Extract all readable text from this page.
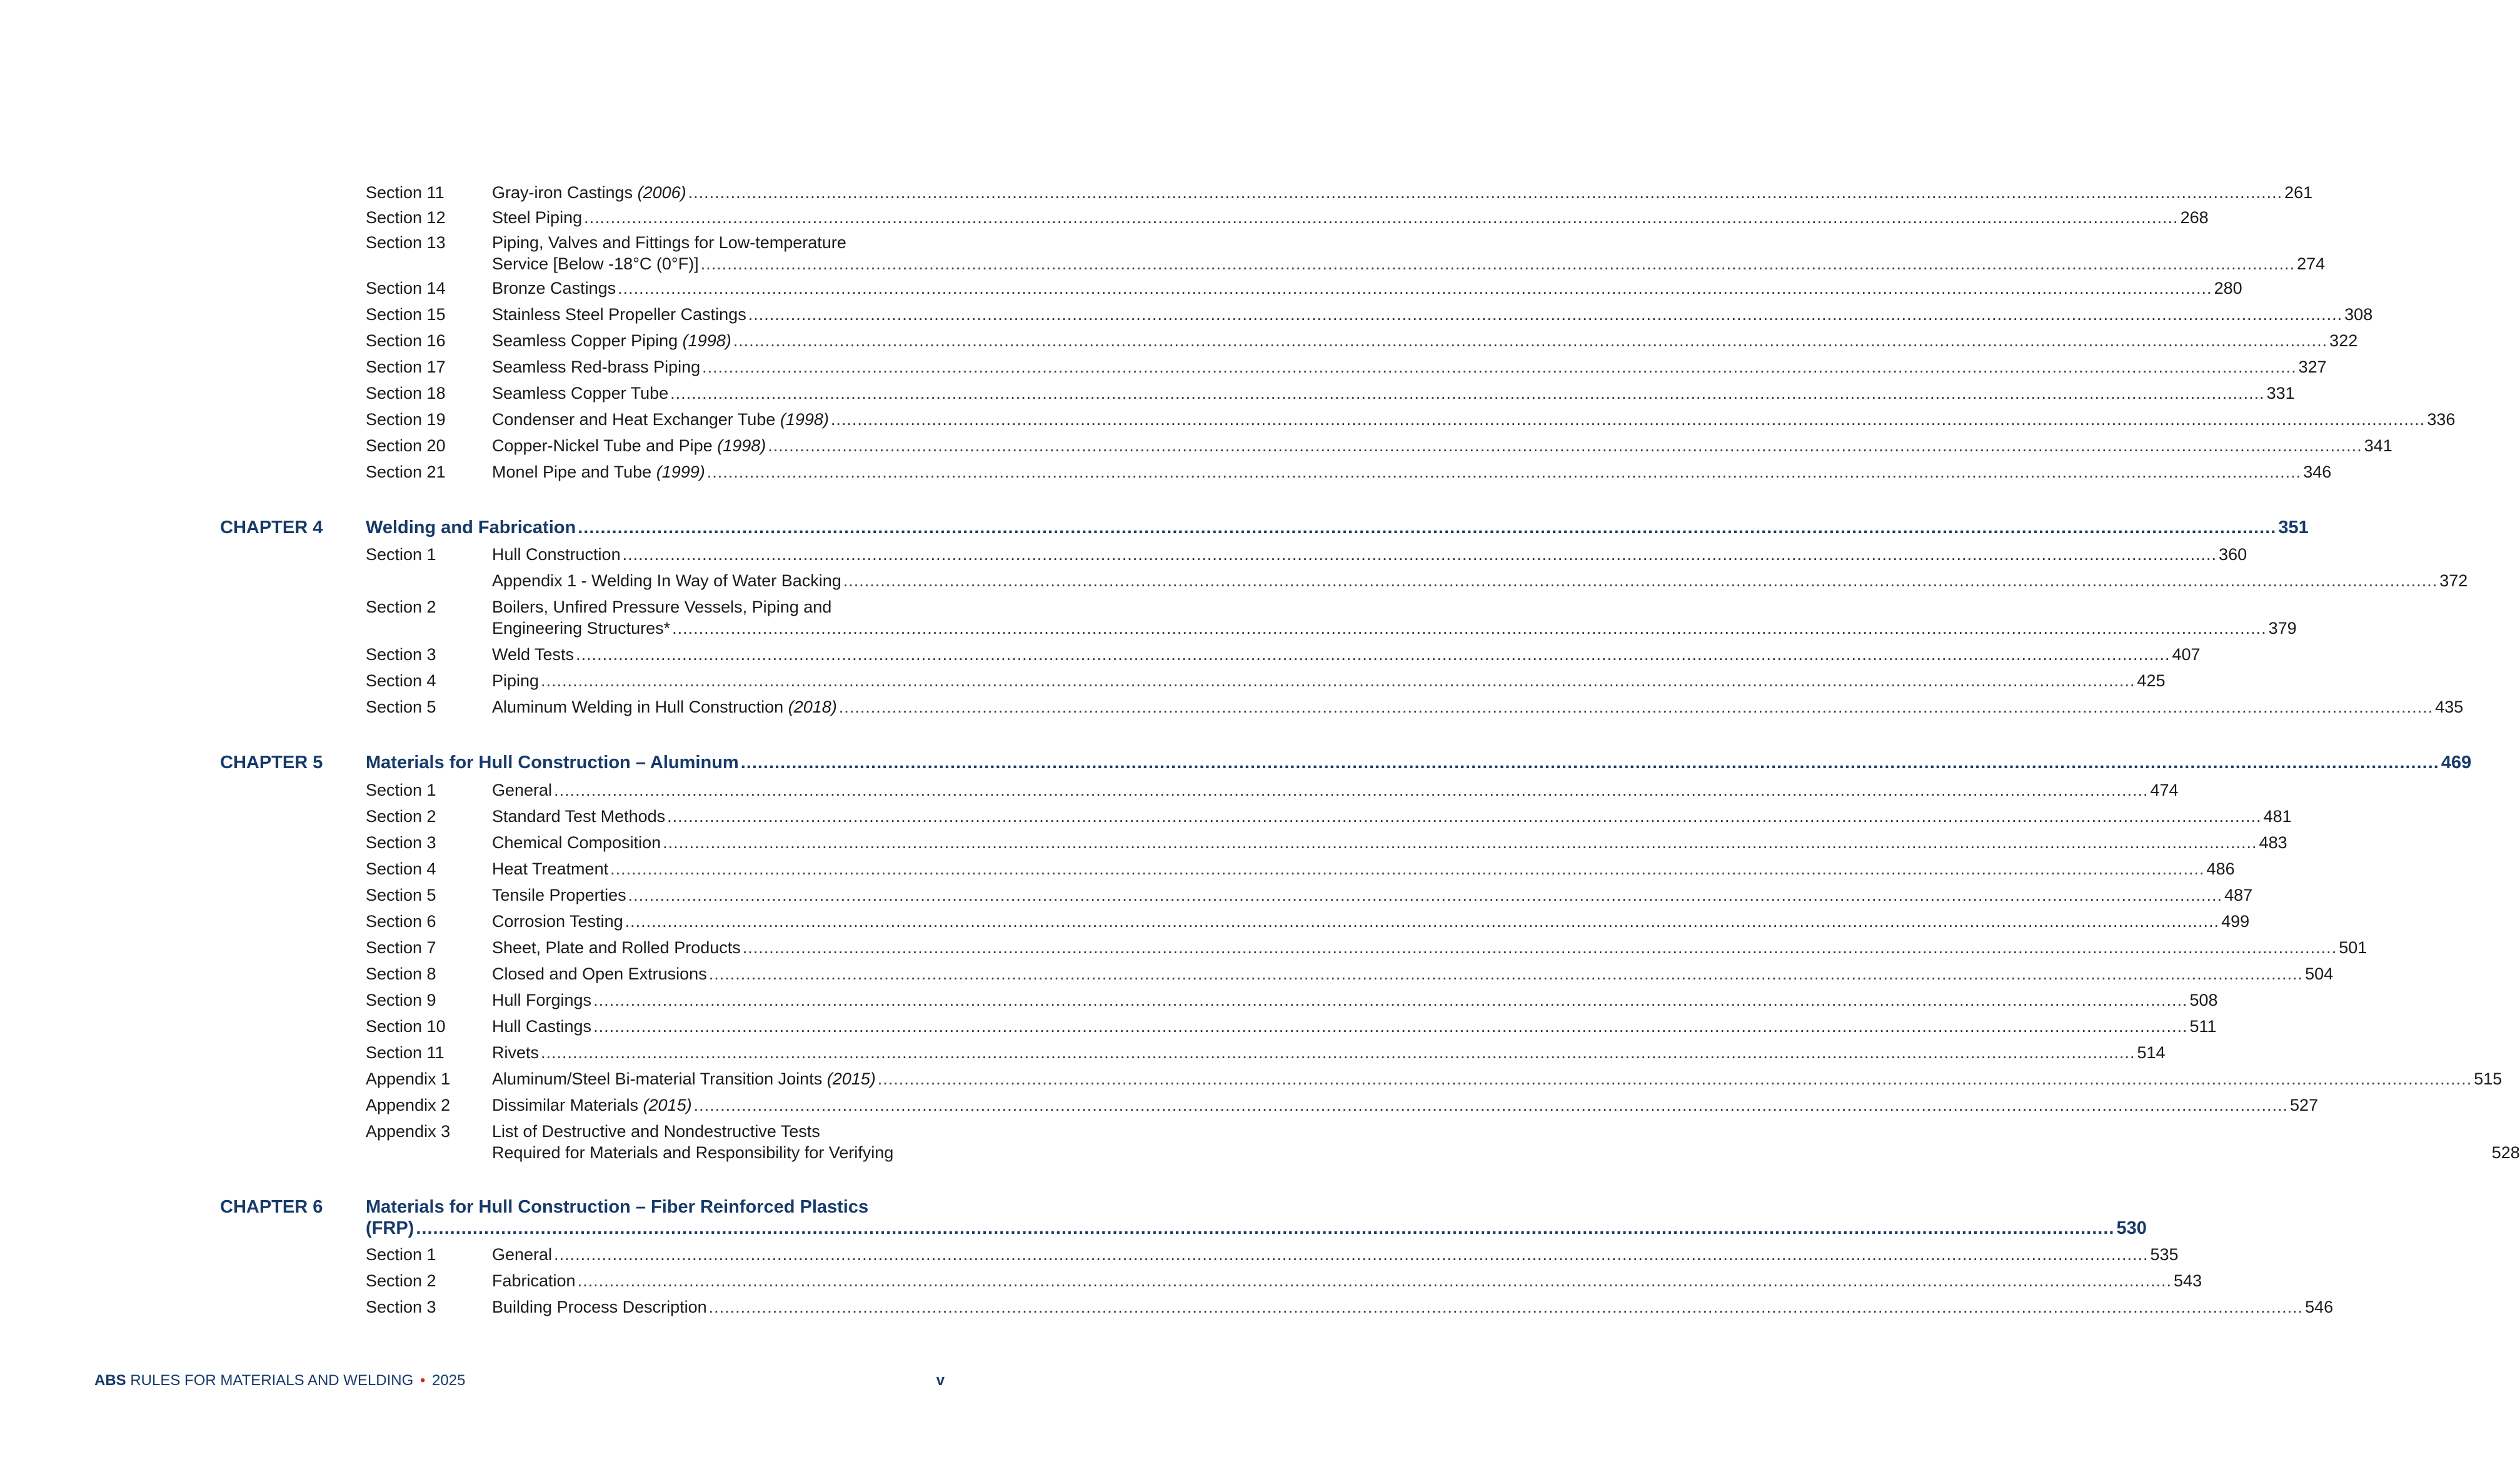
Section 11	Gray-iron Castings (2006) ............................................................................................................................................................................................................................................................................................................ 261
Section 12	Steel Piping ............................................................................................................................................................................................................................................................................................................ 268
Section 13	Piping, Valves and Fittings for Low-temperature
Service [Below -18°C (0°F)] ............................................................................................................................................................................................................................................................................................................ 274
Section 14	Bronze Castings ............................................................................................................................................................................................................................................................................................................ 280
Section 15	Stainless Steel Propeller Castings ............................................................................................................................................................................................................................................................................................................ 308
Section 16	Seamless Copper Piping (1998) ............................................................................................................................................................................................................................................................................................................ 322
Section 17	Seamless Red-brass Piping ............................................................................................................................................................................................................................................................................................................ 327
Section 18	Seamless Copper Tube ............................................................................................................................................................................................................................................................................................................ 331
Section 19	Condenser and Heat Exchanger Tube (1998) ............................................................................................................................................................................................................................................................................................................ 336
Section 20	Copper-Nickel Tube and Pipe (1998) ............................................................................................................................................................................................................................................................................................................ 341
Section 21	Monel Pipe and Tube (1999) ............................................................................................................................................................................................................................................................................................................ 346
CHAPTER 4 Welding and Fabrication ............................................................................................................................................................................................................................................................................................................ 351
Section 1	Hull Construction ............................................................................................................................................................................................................................................................................................................ 360
Appendix 1 - Welding In Way of Water Backing ............................................................................................................................................................................................................................................................................................................ 372
Section 2	Boilers, Unfired Pressure Vessels, Piping and
Engineering Structures* ............................................................................................................................................................................................................................................................................................................ 379
Section 3	Weld Tests ............................................................................................................................................................................................................................................................................................................ 407
Section 4	Piping ............................................................................................................................................................................................................................................................................................................ 425
Section 5	Aluminum Welding in Hull Construction (2018) ............................................................................................................................................................................................................................................................................................................ 435
CHAPTER 5 Materials for Hull Construction – Aluminum ............................................................................................................................................................................................................................................................................................................ 469
Section 1	General ............................................................................................................................................................................................................................................................................................................ 474
Section 2	Standard Test Methods ............................................................................................................................................................................................................................................................................................................ 481
Section 3	Chemical Composition ............................................................................................................................................................................................................................................................................................................ 483
Section 4	Heat Treatment ............................................................................................................................................................................................................................................................................................................ 486
Section 5	Tensile Properties ............................................................................................................................................................................................................................................................................................................ 487
Section 6	Corrosion Testing ............................................................................................................................................................................................................................................................................................................ 499
Section 7	Sheet, Plate and Rolled Products ............................................................................................................................................................................................................................................................................................................ 501
Section 8	Closed and Open Extrusions ............................................................................................................................................................................................................................................................................................................ 504
Section 9	Hull Forgings ............................................................................................................................................................................................................................................................................................................ 508
Section 10	Hull Castings ............................................................................................................................................................................................................................................................................................................ 511
Section 11	Rivets ............................................................................................................................................................................................................................................................................................................ 514
Appendix 1 Aluminum/Steel Bi-material Transition Joints (2015) ............................................................................................................................................................................................................................................................................................................ 515
Appendix 2 Dissimilar Materials (2015) ............................................................................................................................................................................................................................................................................................................ 527
Appendix 3 List of Destructive and Nondestructive Tests
Required for Materials and Responsibility for Verifying	528
CHAPTER 6 Materials for Hull Construction – Fiber Reinforced Plastics
(FRP) ............................................................................................................................................................................................................................................................................................................ 530
Section 1	General ............................................................................................................................................................................................................................................................................................................ 535
Section 2	Fabrication ............................................................................................................................................................................................................................................................................................................ 543
Section 3	Building Process Description ............................................................................................................................................................................................................................................................................................................ 546
ABS RULES FOR MATERIALS AND WELDING • 2025	v
